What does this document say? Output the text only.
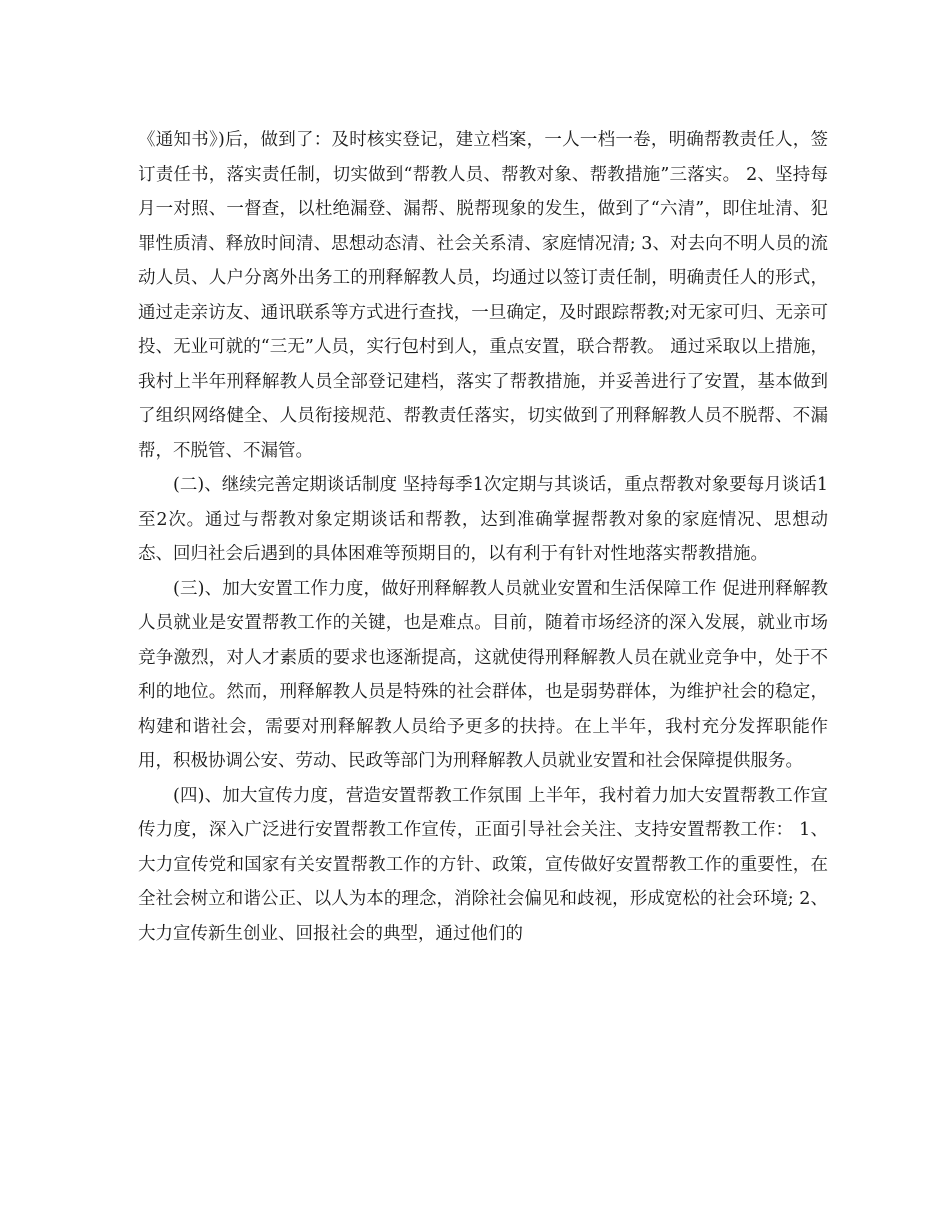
《通知书》)后，做到了：及时核实登记，建立档案，一人一档一卷，明确帮教责任人，签订责任书，落实责任制，切实做到“帮教人员、帮教对象、帮教措施”三落实。 2、坚持每月一对照、一督查，以杜绝漏登、漏帮、脱帮现象的发生，做到了“六清”，即住址清、犯罪性质清、释放时间清、思想动态清、社会关系清、家庭情况清; 3、对去向不明人员的流动人员、人户分离外出务工的刑释解教人员，均通过以签订责任制，明确责任人的形式，通过走亲访友、通讯联系等方式进行查找，一旦确定，及时跟踪帮教;对无家可归、无亲可投、无业可就的“三无”人员，实行包村到人，重点安置，联合帮教。 通过采取以上措施，我村上半年刑释解教人员全部登记建档，落实了帮教措施，并妥善进行了安置，基本做到了组织网络健全、人员衔接规范、帮教责任落实，切实做到了刑释解教人员不脱帮、不漏帮，不脱管、不漏管。

(二)、继续完善定期谈话制度 坚持每季1次定期与其谈话，重点帮教对象要每月谈话1至2次。通过与帮教对象定期谈话和帮教，达到准确掌握帮教对象的家庭情况、思想动态、回归社会后遇到的具体困难等预期目的，以有利于有针对性地落实帮教措施。

(三)、加大安置工作力度，做好刑释解教人员就业安置和生活保障工作 促进刑释解教人员就业是安置帮教工作的关键，也是难点。目前，随着市场经济的深入发展，就业市场竞争激烈，对人才素质的要求也逐渐提高，这就使得刑释解教人员在就业竞争中，处于不利的地位。然而，刑释解教人员是特殊的社会群体，也是弱势群体，为维护社会的稳定，构建和谐社会，需要对刑释解教人员给予更多的扶持。在上半年，我村充分发挥职能作用，积极协调公安、劳动、民政等部门为刑释解教人员就业安置和社会保障提供服务。

(四)、加大宣传力度，营造安置帮教工作氛围 上半年，我村着力加大安置帮教工作宣传力度，深入广泛进行安置帮教工作宣传，正面引导社会关注、支持安置帮教工作： 1、大力宣传党和国家有关安置帮教工作的方针、政策，宣传做好安置帮教工作的重要性，在全社会树立和谐公正、以人为本的理念，消除社会偏见和歧视，形成宽松的社会环境; 2、大力宣传新生创业、回报社会的典型，通过他们的
